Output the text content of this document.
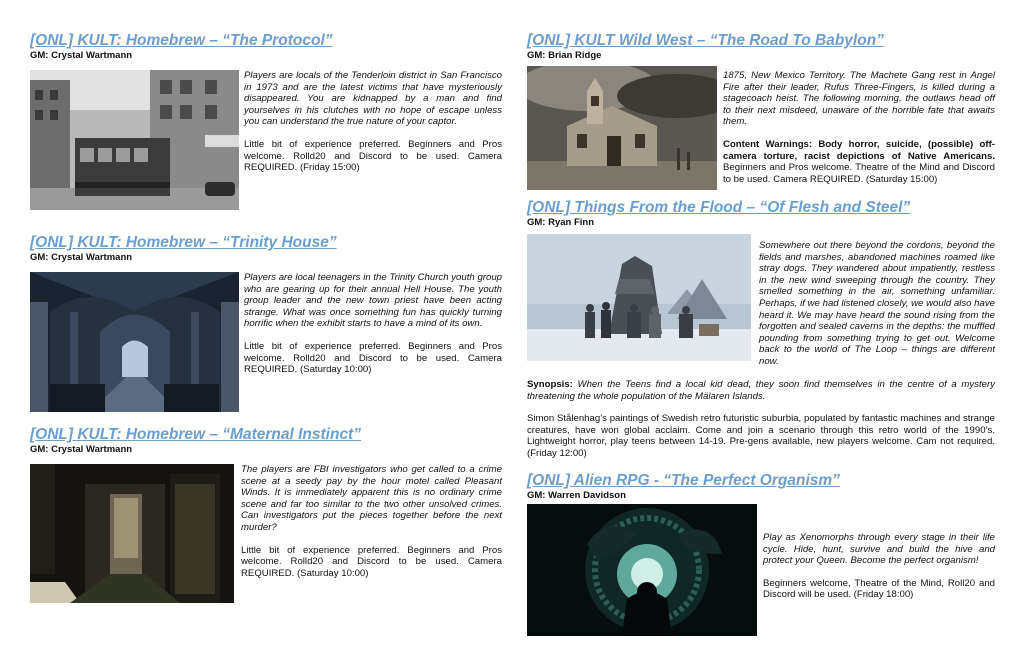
[ONL] KULT: Homebrew – “The Protocol”
GM: Crystal Wartmann

Players are locals of the Tenderloin district in San Francisco in 1973 and are the latest victims that have mysteriously disappeared. You are kidnapped by a man and find yourselves in his clutches with no hope of escape unless you can understand the true nature of your captor.

Little bit of experience preferred. Beginners and Pros welcome. Rolld20 and Discord to be used. Camera REQUIRED. (Friday 15:00)

[ONL] KULT: Homebrew – “Trinity House”
GM: Crystal Wartmann

Players are local teenagers in the Trinity Church youth group who are gearing up for their annual Hell House. The youth group leader and the new town priest have been acting strange. What was once something fun has quickly turning horrific when the exhibit starts to have a mind of its own.

Little bit of experience preferred. Beginners and Pros welcome. Rolld20 and Discord to be used. Camera REQUIRED. (Saturday 10:00)

[ONL] KULT: Homebrew – “Maternal Instinct”
GM: Crystal Wartmann

The players are FBI investigators who get called to a crime scene at a seedy pay by the hour motel called Pleasant Winds. It is immediately apparent this is no ordinary crime scene and far too similar to the two other unsolved crimes. Can investigators put the pieces together before the next murder?

Little bit of experience preferred. Beginners and Pros welcome. Rolld20 and Discord to be used. Camera REQUIRED. (Saturday 10:00)

[ONL] KULT Wild West – “The Road To Babylon”
GM: Brian Ridge

1875, New Mexico Territory. The Machete Gang rest in Angel Fire after their leader, Rufus Three-Fingers, is killed during a stagecoach heist. The following morning, the outlaws head off to their next misdeed, unaware of the horrible fate that awaits them.

Content Warnings: Body horror, suicide, (possible) off-camera torture, racist depictions of Native Americans. Beginners and Pros welcome. Theatre of the Mind and Discord to be used. Camera REQUIRED. (Saturday 15:00)

[ONL] Things From the Flood – “Of Flesh and Steel”
GM: Ryan Finn

Somewhere out there beyond the cordons, beyond the fields and marshes, abandoned machines roamed like stray dogs. They wandered about impatiently, restless in the new wind sweeping through the country. They smelled something in the air, something unfamiliar. Perhaps, if we had listened closely, we would also have heard it. We may have heard the sound rising from the forgotten and sealed caverns in the depths: the muffled pounding from something trying to get out. Welcome back to the world of The Loop – things are different now.

Synopsis: When the Teens find a local kid dead, they soon find themselves in the centre of a mystery threatening the whole population of the Mälaren Islands.
Simon Stålenhag’s paintings of Swedish retro futuristic suburbia, populated by fantastic machines and strange creatures, have won global acclaim. Come and join a scenario through this retro world of the 1990’s. Lightweight horror, play teens between 14-19. Pre-gens available, new players welcome. Cam not required. (Friday 12:00)
[ONL] Alien RPG - “The Perfect Organism”
GM: Warren Davidson

Play as Xenomorphs through every stage in their life cycle. Hide, hunt, survive and build the hive and protect your Queen. Become the perfect organism!

Beginners welcome, Theatre of the Mind, Roll20 and Discord will be used. (Friday 18:00)
